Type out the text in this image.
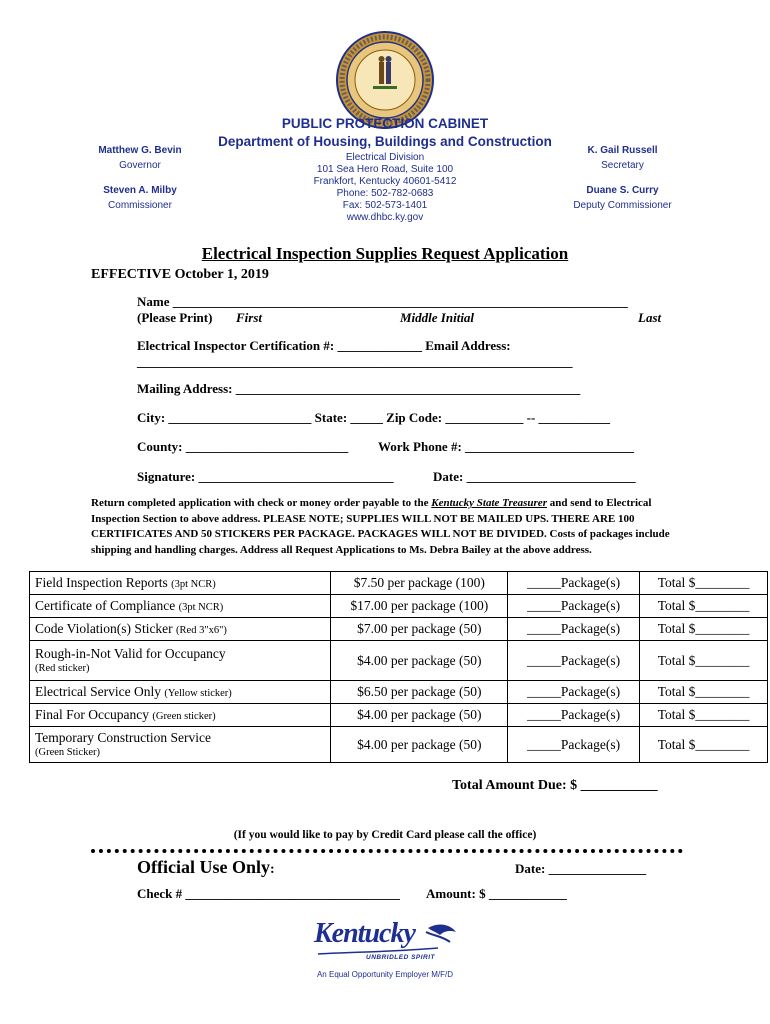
PUBLIC PROTECTION CABINET
Department of Housing, Buildings and Construction
Electrical Division
101 Sea Hero Road, Suite 100
Frankfort, Kentucky 40601-5412
Phone: 502-782-0683
Fax: 502-573-1401
www.dhbc.ky.gov
Matthew G. Bevin
Governor
Steven A. Milby
Commissioner
K. Gail Russell
Secretary
Duane S. Curry
Deputy Commissioner
Electrical Inspection Supplies Request Application
EFFECTIVE October 1, 2019
Name ______________________________________________________________________
(Please Print) First	Middle Initial	Last
Electrical Inspector Certification #: _____________ Email Address:
___________________________________________________________________
Mailing Address: _____________________________________________________
City: ______________________ State: _____ Zip Code: ____________ -- ___________
County: _________________________ Work Phone #: __________________________
Signature: ______________________________	Date: __________________________
Return completed application with check or money order payable to the Kentucky State Treasurer and send to Electrical Inspection Section to above address. PLEASE NOTE; SUPPLIES WILL NOT BE MAILED UPS. THERE ARE 100 CERTIFICATES AND 50 STICKERS PER PACKAGE. PACKAGES WILL NOT BE DIVIDED. Costs of packages include shipping and handling charges. Address all Request Applications to Ms. Debra Bailey at the above address.
Field Inspection Reports (3pt NCR)	$7.50 per package (100)	_____Package(s)	Total $________
Certificate of Compliance (3pt NCR)	$17.00 per package (100)	_____Package(s)	Total $________
Code Violation(s) Sticker (Red 3"x6")	$7.00 per package (50)	_____Package(s)	Total $________

Rough-in-Not Valid for Occupancy
(Red sticker)	$4.00 per package (50)	_____Package(s)	Total $________
Electrical Service Only (Yellow sticker)	$6.50 per package (50)	_____Package(s)	Total $________
Final For Occupancy (Green sticker)	$4.00 per package (50)	_____Package(s)	Total $________

Temporary Construction Service
(Green Sticker)	$4.00 per package (50)	_____Package(s)	Total $________
Total Amount Due: $ ___________
(If you would like to pay by Credit Card please call the office)
Official Use Only:	Date: _______________
Check # _________________________________ Amount: $ ____________
Kentucky
UNBRIDLED SPIRIT
An Equal Opportunity Employer M/F/D
